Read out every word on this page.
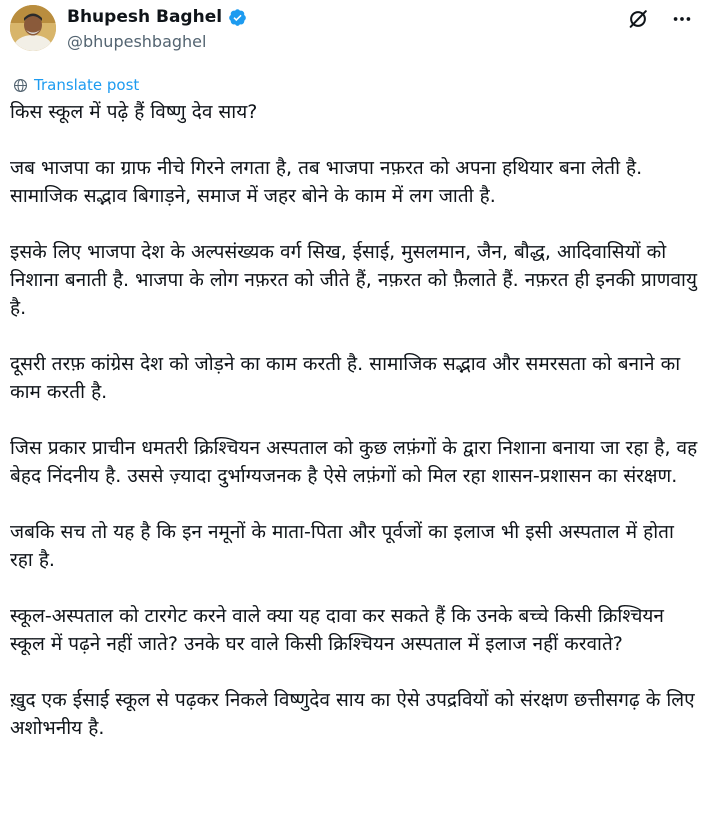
Bhupesh Baghel
@bhupeshbaghel
Translate post

किस स्कूल में पढ़े हैं विष्णु देव साय?

जब भाजपा का ग्राफ नीचे गिरने लगता है, तब भाजपा नफ़रत को अपना हथियार बना लेती है. सामाजिक सद्भाव बिगाड़ने, समाज में जहर बोने के काम में लग जाती है.

इसके लिए भाजपा देश के अल्पसंख्यक वर्ग सिख, ईसाई, मुसलमान, जैन, बौद्ध, आदिवासियों को निशाना बनाती है. भाजपा के लोग नफ़रत को जीते हैं, नफ़रत को फ़ैलाते हैं. नफ़रत ही इनकी प्राणवायु है.

दूसरी तरफ़ कांग्रेस देश को जोड़ने का काम करती है. सामाजिक सद्भाव और समरसता को बनाने का काम करती है.

जिस प्रकार प्राचीन धमतरी क्रिश्चियन अस्पताल को कुछ लफ़ंगों के द्वारा निशाना बनाया जा रहा है, वह बेहद निंदनीय है. उससे ज़्यादा दुर्भाग्यजनक है ऐसे लफ़ंगों को मिल रहा शासन-प्रशासन का संरक्षण.

जबकि सच तो यह है कि इन नमूनों के माता-पिता और पूर्वजों का इलाज भी इसी अस्पताल में होता रहा है.

स्कूल-अस्पताल को टारगेट करने वाले क्या यह दावा कर सकते हैं कि उनके बच्चे किसी क्रिश्चियन स्कूल में पढ़ने नहीं जाते? उनके घर वाले किसी क्रिश्चियन अस्पताल में इलाज नहीं करवाते?

ख़ुद एक ईसाई स्कूल से पढ़कर निकले विष्णुदेव साय का ऐसे उपद्रवियों को संरक्षण छत्तीसगढ़ के लिए अशोभनीय है.
